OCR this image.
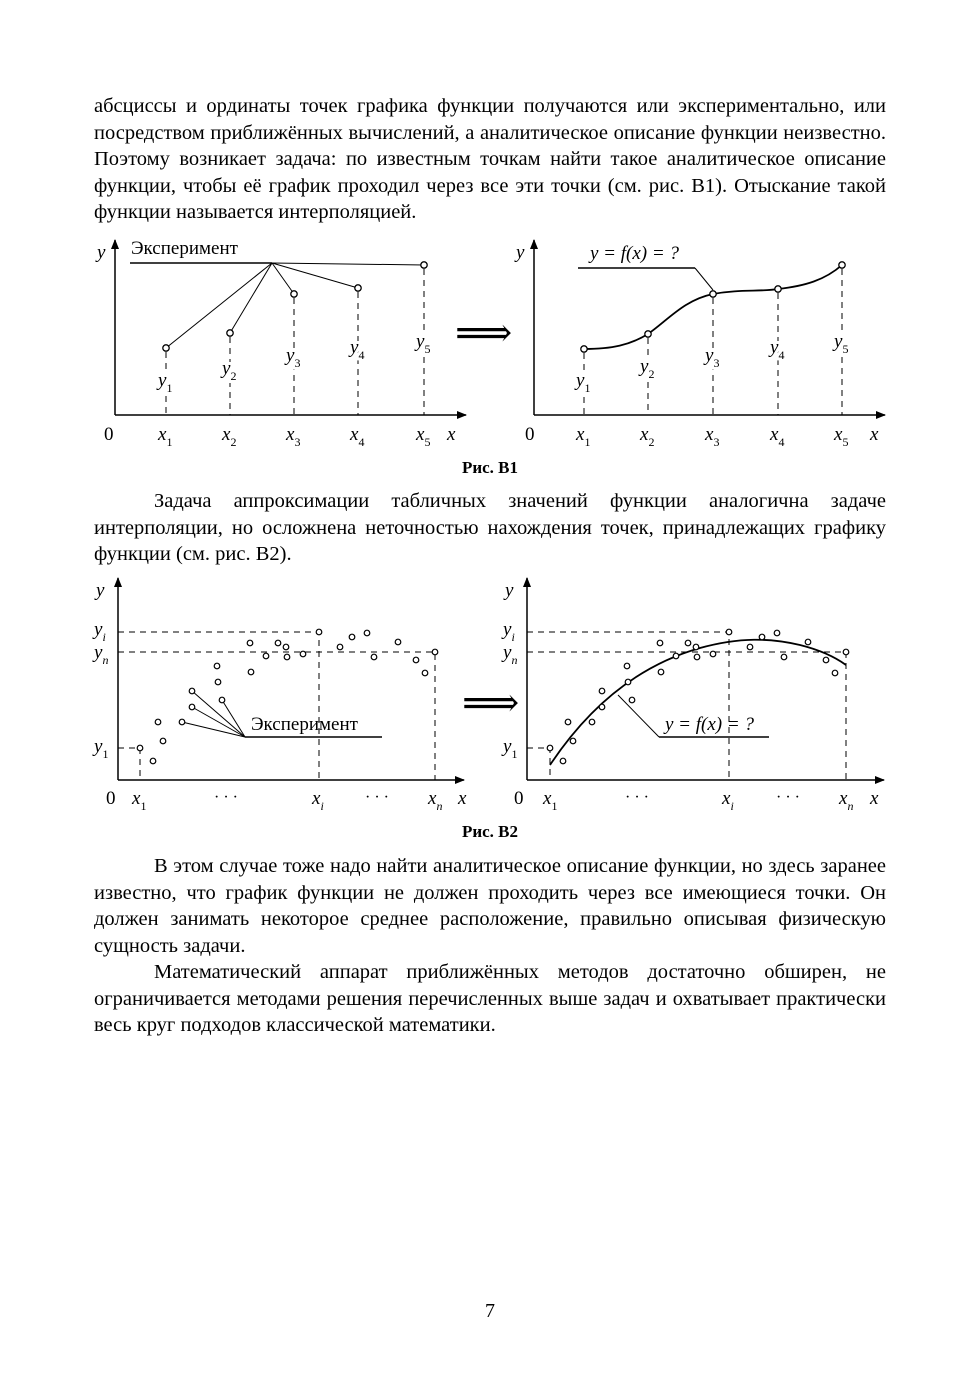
абсциссы и ординаты точек графика функции получаются или экспериментально, или посредством приближённых вычислений, а аналитическое описание функции неизвестно. Поэтому возникает задача: по известным точкам найти такое аналитическое описание функции, чтобы её график проходил через все эти точки (см. рис. В1). Отыскание такой функции называется интерполяцией.

y
x
0
Эксперимент
$y_1$
$y_2$
$y_3$
$y_4$
$y_5$
$x_1$	$x_2$	$x_3$	$x_4$	$x_5$
⟹
y
x
0
y = f(x) = ?
$y_1$
$y_2$
$y_3$
$y_4$
$y_5$
$x_1$	$x_2$	$x_3$	$x_4$	$x_5$
Рис. В1

Задача аппроксимации табличных значений функции аналогична задаче интерполяции, но осложнена неточностью нахождения точек, принадлежащих графику функции (см. рис. В2).

y
x
0
$y_i$
$y_n$
$y_1$
$x_1$	$x_i$	$x_n$
· · ·	· · ·
Эксперимент	⟹
y
x
0
$y_i$
$y_n$
$y_1$
$x_1$	$x_i$	$x_n$
· · ·	· · ·
y = f(x) = ?
Рис. В2

В этом случае тоже надо найти аналитическое описание функции, но здесь заранее известно, что график функции не должен проходить через все имеющиеся точки. Он должен занимать некоторое среднее расположение, правильно описывая физическую сущность задачи.

Математический аппарат приближённых методов достаточно обширен, не ограничивается методами решения перечисленных выше задач и охватывает практически весь круг подходов классической математики.

7
